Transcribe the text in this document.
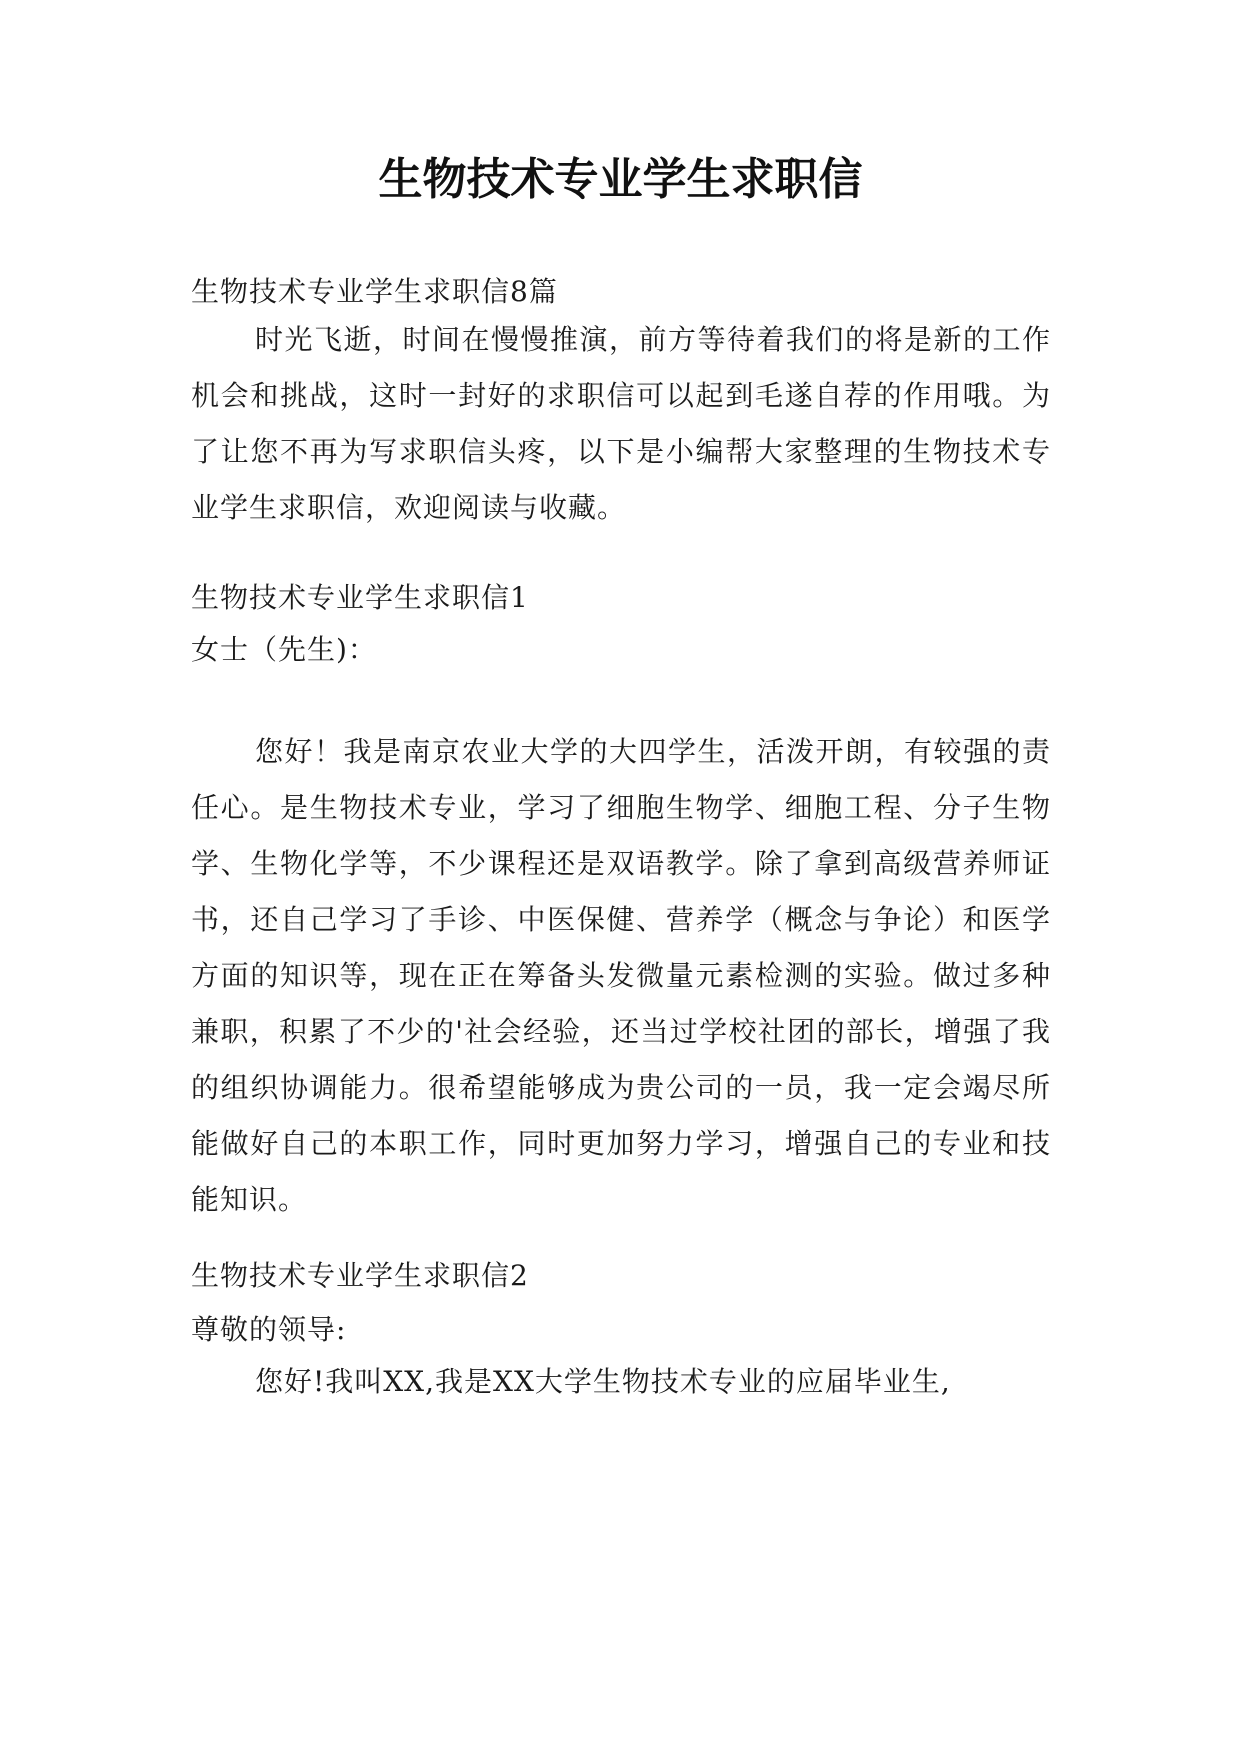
生物技术专业学生求职信

生物技术专业学生求职信8篇

时光飞逝，时间在慢慢推演，前方等待着我们的将是新的工作机会和挑战，这时一封好的求职信可以起到毛遂自荐的作用哦。为了让您不再为写求职信头疼，以下是小编帮大家整理的生物技术专业学生求职信，欢迎阅读与收藏。

生物技术专业学生求职信1

女士（先生)：

您好！我是南京农业大学的大四学生，活泼开朗，有较强的责任心。是生物技术专业，学习了细胞生物学、细胞工程、分子生物学、生物化学等，不少课程还是双语教学。除了拿到高级营养师证书，还自己学习了手诊、中医保健、营养学（概念与争论）和医学方面的知识等，现在正在筹备头发微量元素检测的实验。做过多种兼职，积累了不少的'社会经验，还当过学校社团的部长，增强了我的组织协调能力。很希望能够成为贵公司的一员，我一定会竭尽所能做好自己的本职工作，同时更加努力学习，增强自己的专业和技能知识。

生物技术专业学生求职信2

尊敬的领导:

您好!我叫XX,我是XX大学生物技术专业的应届毕业生,
